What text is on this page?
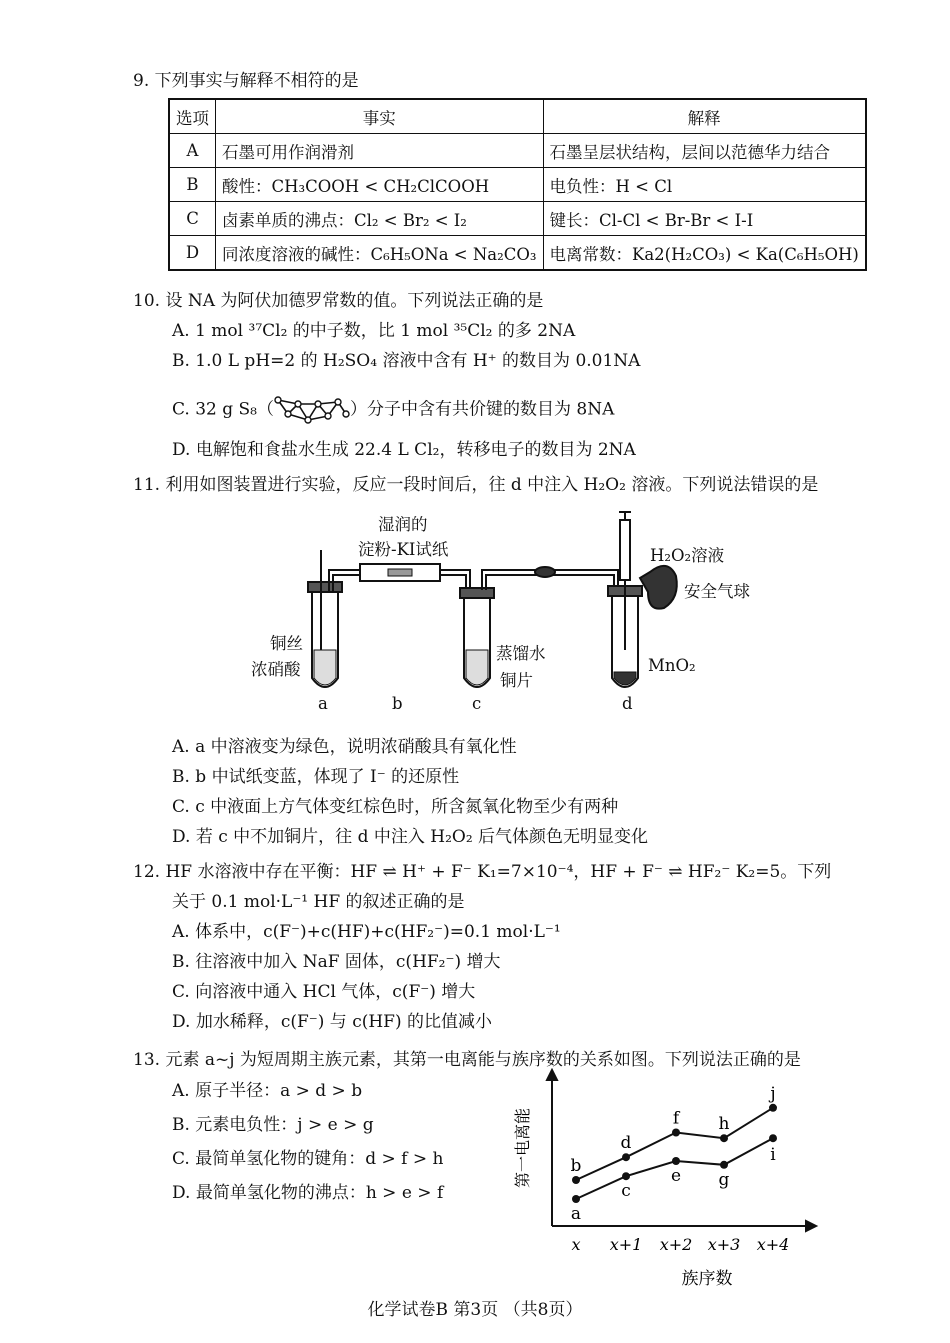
9. 下列事实与解释不相符的是
选项	事实	解释
A	石墨可用作润滑剂	石墨呈层状结构，层间以范德华力结合
B	酸性：CH₃COOH < CH₂ClCOOH	电负性：H < Cl
C	卤素单质的沸点：Cl₂ < Br₂ < I₂	键长：Cl-Cl < Br-Br < I-I
D	同浓度溶液的碱性：C₆H₅ONa < Na₂CO₃	电离常数：Ka2(H₂CO₃) < Ka(C₆H₅OH)
10. 设 NA 为阿伏加德罗常数的值。下列说法正确的是
A. 1 mol ³⁷Cl₂ 的中子数，比 1 mol ³⁵Cl₂ 的多 2NA
B. 1.0 L pH=2 的 H₂SO₄ 溶液中含有 H⁺ 的数目为 0.01NA
C. 32 g S₈（	）分子中含有共价键的数目为 8NA
D. 电解饱和食盐水生成 22.4 L Cl₂，转移电子的数目为 2NA
11. 利用如图装置进行实验，反应一段时间后，往 d 中注入 H₂O₂ 溶液。下列说法错误的是
湿润的
淀粉-KI试纸	H₂O₂溶液
安全气球
铜丝
浓硝酸
蒸馏水
铜片
MnO₂
a	b	c	d
A. a 中溶液变为绿色，说明浓硝酸具有氧化性
B. b 中试纸变蓝，体现了 I⁻ 的还原性
C. c 中液面上方气体变红棕色时，所含氮氧化物至少有两种
D. 若 c 中不加铜片，往 d 中注入 H₂O₂ 后气体颜色无明显变化
12. HF 水溶液中存在平衡：HF ⇌ H⁺ + F⁻ K₁=7×10⁻⁴，HF + F⁻ ⇌ HF₂⁻ K₂=5。下列
关于 0.1 mol·L⁻¹ HF 的叙述正确的是
A. 体系中，c(F⁻)+c(HF)+c(HF₂⁻)=0.1 mol·L⁻¹
B. 往溶液中加入 NaF 固体，c(HF₂⁻) 增大
C. 向溶液中通入 HCl 气体，c(F⁻) 增大
D. 加水稀释，c(F⁻) 与 c(HF) 的比值减小
13. 元素 a~j 为短周期主族元素，其第一电离能与族序数的关系如图。下列说法正确的是
A. 原子半径：a > d > b
B. 元素电负性：j > e > g
C. 最简单氢化物的键角：d > f > h
D. 最简单氢化物的沸点：h > e > f
b
d
f h
j
a
c
e g
i
x x+1 x+2 x+3 x+4
第一电离能
族序数
化学试卷B 第3页 （共8页）
